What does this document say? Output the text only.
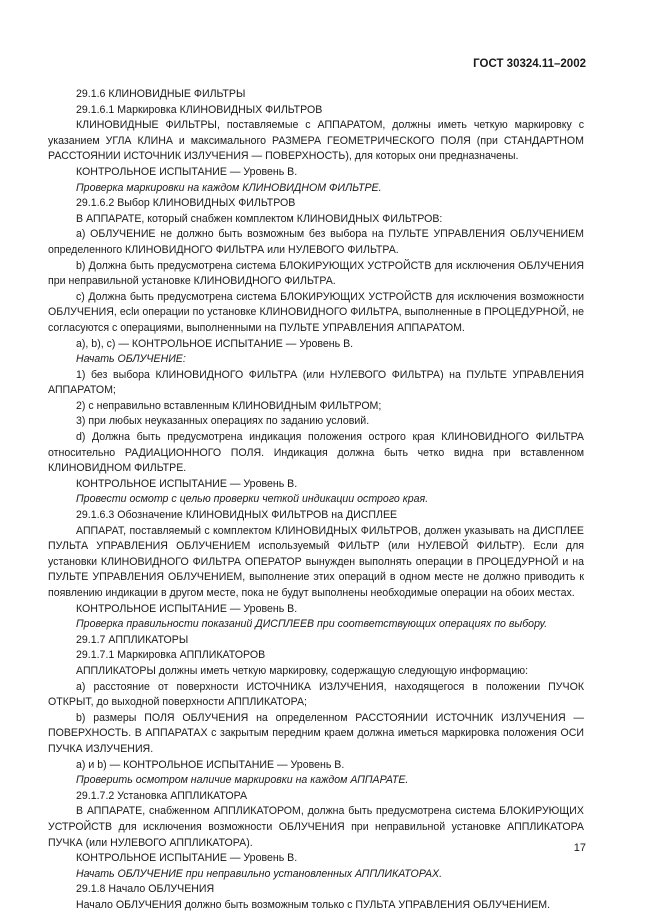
ГОСТ 30324.11–2002

29.1.6 КЛИНОВИДНЫЕ ФИЛЬТРЫ

29.1.6.1 Маркировка КЛИНОВИДНЫХ ФИЛЬТРОВ

КЛИНОВИДНЫЕ ФИЛЬТРЫ, поставляемые с АППАРАТОМ, должны иметь четкую маркировку с указанием УГЛА КЛИНА и максимального РАЗМЕРА ГЕОМЕТРИЧЕСКОГО ПОЛЯ (при СТАНДАРТНОМ РАССТОЯНИИ ИСТОЧНИК ИЗЛУЧЕНИЯ — ПОВЕРХНОСТЬ), для которых они предназначены.

КОНТРОЛЬНОЕ ИСПЫТАНИЕ — Уровень В.

Проверка маркировки на каждом КЛИНОВИДНОМ ФИЛЬТРЕ.

29.1.6.2 Выбор КЛИНОВИДНЫХ ФИЛЬТРОВ

В АППАРАТЕ, который снабжен комплектом КЛИНОВИДНЫХ ФИЛЬТРОВ:

а) ОБЛУЧЕНИЕ не должно быть возможным без выбора на ПУЛЬТЕ УПРАВЛЕНИЯ ОБЛУЧЕНИЕМ определенного КЛИНОВИДНОГО ФИЛЬТРА или НУЛЕВОГО ФИЛЬТРА.

b) Должна быть предусмотрена система БЛОКИРУЮЩИХ УСТРОЙСТВ для исключения ОБЛУЧЕНИЯ при неправильной установке КЛИНОВИДНОГО ФИЛЬТРА.

с) Должна быть предусмотрена система БЛОКИРУЮЩИХ УСТРОЙСТВ для исключения возможности ОБЛУЧЕНИЯ, есlи операции по установке КЛИНОВИДНОГО ФИЛЬТРА, выполненные в ПРОЦЕДУРНОЙ, не согласуются с операциями, выполненными на ПУЛЬТЕ УПРАВЛЕНИЯ АППАРАТОМ.

а), b), с) — КОНТРОЛЬНОЕ ИСПЫТАНИЕ — Уровень В.

Начать ОБЛУЧЕНИЕ:

1) без выбора КЛИНОВИДНОГО ФИЛЬТРА (или НУЛЕВОГО ФИЛЬТРА) на ПУЛЬТЕ УПРАВЛЕНИЯ АППАРАТОМ;

2) с неправильно вставленным КЛИНОВИДНЫМ ФИЛЬТРОМ;

3) при любых неуказанных операциях по заданию условий.

d) Должна быть предусмотрена индикация положения острого края КЛИНОВИДНОГО ФИЛЬТРА относительно РАДИАЦИОННОГО ПОЛЯ. Индикация должна быть четко видна при вставленном КЛИНОВИДНОМ ФИЛЬТРЕ.

КОНТРОЛЬНОЕ ИСПЫТАНИЕ — Уровень В.

Провести осмотр с целью проверки четкой индикации острого края.

29.1.6.3 Обозначение КЛИНОВИДНЫХ ФИЛЬТРОВ на ДИСПЛЕЕ

АППАРАТ, поставляемый с комплектом КЛИНОВИДНЫХ ФИЛЬТРОВ, должен указывать на ДИСПЛЕЕ ПУЛЬТА УПРАВЛЕНИЯ ОБЛУЧЕНИЕМ используемый ФИЛЬТР (или НУЛЕВОЙ ФИЛЬТР). Если для установки КЛИНОВИДНОГО ФИЛЬТРА ОПЕРАТОР вынужден выполнять операции в ПРОЦЕДУРНОЙ и на ПУЛЬТЕ УПРАВЛЕНИЯ ОБЛУЧЕНИЕМ, выполнение этих операций в одном месте не должно приводить к появлению индикации в другом месте, пока не будут выполнены необходимые операции на обоих местах.

КОНТРОЛЬНОЕ ИСПЫТАНИЕ — Уровень В.

Проверка правильности показаний ДИСПЛЕЕВ при соответствующих операциях по выбору.

29.1.7 АППЛИКАТОРЫ

29.1.7.1 Маркировка АППЛИКАТОРОВ

АППЛИКАТОРЫ должны иметь четкую маркировку, содержащую следующую информацию:

а) расстояние от поверхности ИСТОЧНИКА ИЗЛУЧЕНИЯ, находящегося в положении ПУЧОК ОТКРЫТ, до выходной поверхности АППЛИКАТОРА;

b) размеры ПОЛЯ ОБЛУЧЕНИЯ на определенном РАССТОЯНИИ ИСТОЧНИК ИЗЛУЧЕНИЯ — ПОВЕРХНОСТЬ. В АППАРАТАХ с закрытым передним краем должна иметься маркировка положения ОСИ ПУЧКА ИЗЛУЧЕНИЯ.

а) и b) — КОНТРОЛЬНОЕ ИСПЫТАНИЕ — Уровень В.

Проверить осмотром наличие маркировки на каждом АППАРАТЕ.

29.1.7.2 Установка АППЛИКАТОРА

В АППАРАТЕ, снабженном АППЛИКАТОРОМ, должна быть предусмотрена система БЛОКИРУЮЩИХ УСТРОЙСТВ для исключения возможности ОБЛУЧЕНИЯ при неправильной установке АППЛИКАТОРА ПУЧКА (или НУЛЕВОГО АППЛИКАТОРА).

КОНТРОЛЬНОЕ ИСПЫТАНИЕ — Уровень В.

Начать ОБЛУЧЕНИЕ при неправильно установленных АППЛИКАТОРАХ.

29.1.8 Начало ОБЛУЧЕНИЯ

Начало ОБЛУЧЕНИЯ должно быть возможным только с ПУЛЬТА УПРАВЛЕНИЯ ОБЛУЧЕНИЕМ.

17
